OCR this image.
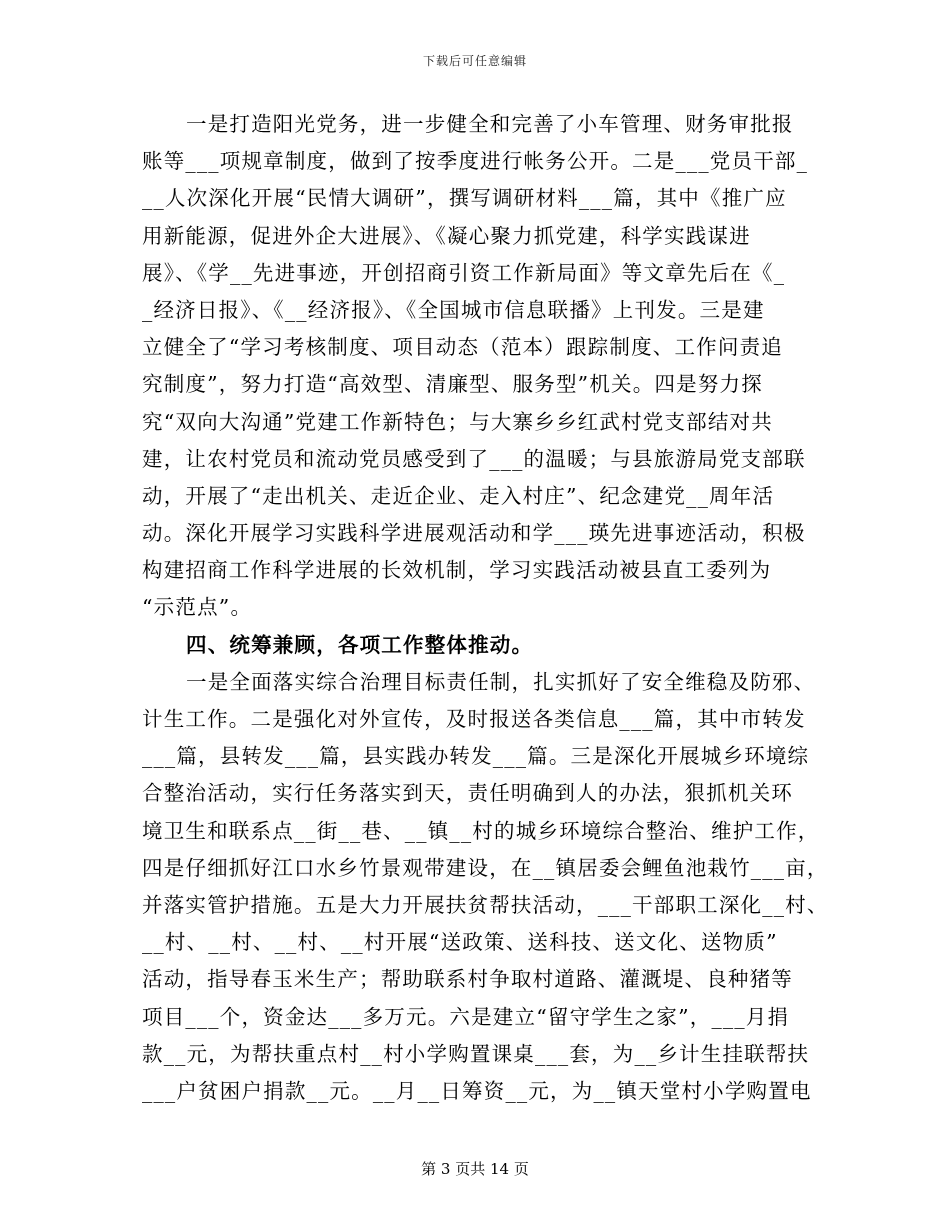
下载后可任意编辑
一是打造阳光党务，进一步健全和完善了小车管理、财务审批报
账等___项规章制度，做到了按季度进行帐务公开。二是___党员干部_
__人次深化开展“民情大调研”，撰写调研材料___篇，其中《推广应
用新能源，促进外企大进展》、《凝心聚力抓党建，科学实践谋进
展》、《学__先进事迹，开创招商引资工作新局面》等文章先后在《_
_经济日报》、《__经济报》、《全国城市信息联播》上刊发。三是建
立健全了“学习考核制度、项目动态（范本）跟踪制度、工作问责追
究制度”，努力打造“高效型、清廉型、服务型”机关。四是努力探
究“双向大沟通”党建工作新特色；与大寨乡乡红武村党支部结对共
建，让农村党员和流动党员感受到了___的温暖；与县旅游局党支部联
动，开展了“走出机关、走近企业、走入村庄”、纪念建党__周年活
动。深化开展学习实践科学进展观活动和学___瑛先进事迹活动，积极
构建招商工作科学进展的长效机制，学习实践活动被县直工委列为
“示范点”。
四、统筹兼顾，各项工作整体推动。
一是全面落实综合治理目标责任制，扎实抓好了安全维稳及防邪、
计生工作。二是强化对外宣传，及时报送各类信息___篇，其中市转发
___篇，县转发___篇，县实践办转发___篇。三是深化开展城乡环境综
合整治活动，实行任务落实到天，责任明确到人的办法，狠抓机关环
境卫生和联系点__街__巷、__镇__村的城乡环境综合整治、维护工作，
四是仔细抓好江口水乡竹景观带建设，在__镇居委会鲤鱼池栽竹___亩，
并落实管护措施。五是大力开展扶贫帮扶活动，___干部职工深化__村、
__村、__村、__村、__村开展“送政策、送科技、送文化、送物质”
活动，指导春玉米生产；帮助联系村争取村道路、灌溉堤、良种猪等
项目___个，资金达___多万元。六是建立“留守学生之家”，___月捐
款__元，为帮扶重点村__村小学购置课桌___套，为__乡计生挂联帮扶
___户贫困户捐款__元。__月__日筹资__元，为__镇天堂村小学购置电
第 3 页共 14 页
